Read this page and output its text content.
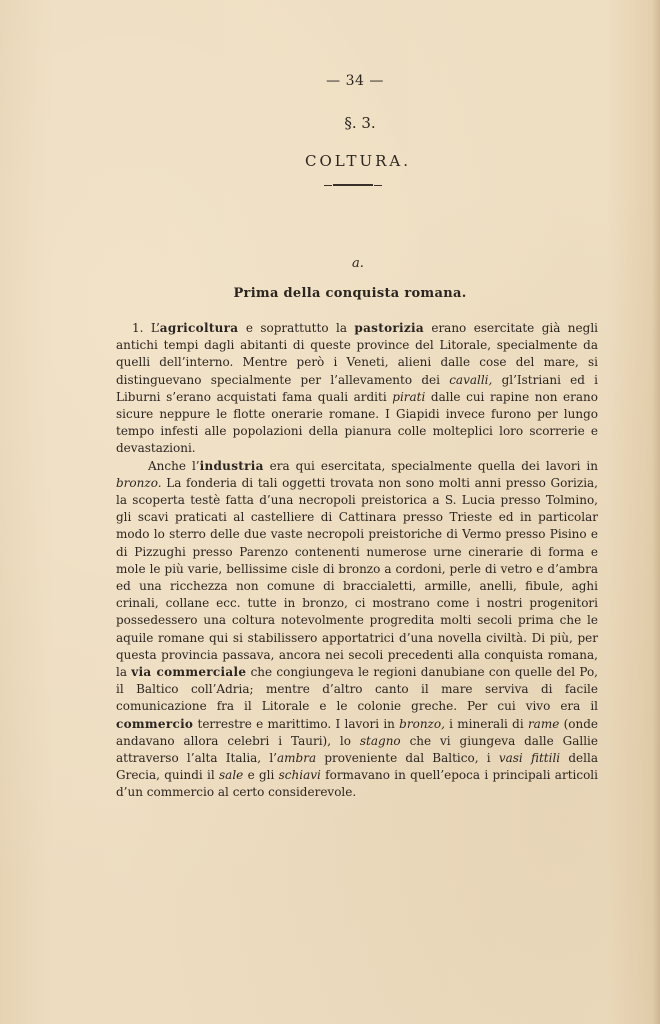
— 34 —
§. 3.
COLTURA.
a.
Prima della conquista romana.

1. L’agricoltura e soprattutto la pastorizia erano esercitate già negli antichi tempi dagli abitanti di queste province del Litorale, specialmente da quelli dell’interno. Mentre però i Veneti, alieni dalle cose del mare, si distinguevano specialmente per l’allevamento dei cavalli, gl’Istriani ed i Liburni s’erano acquistati fama quali arditi pirati dalle cui rapine non erano sicure neppure le flotte onerarie romane. I Giapidi invece furono per lungo tempo infesti alle popolazioni della pianura colle molteplici loro scorrerie e devastazioni.

Anche l’industria era qui esercitata, specialmente quella dei lavori in bronzo. La fonderia di tali oggetti trovata non sono molti anni presso Gorizia, la scoperta testè fatta d’una necropoli preistorica a S. Lucia presso Tolmino, gli scavi praticati al castelliere di Cattinara presso Trieste ed in particolar modo lo sterro delle due vaste necropoli preistoriche di Vermo presso Pisino e di Pizzughi presso Parenzo contenenti numerose urne cinerarie di forma e mole le più varie, bellissime cisle di bronzo a cordoni, perle di vetro e d’ambra ed una ricchezza non comune di braccialetti, armille, anelli, fibule, aghi crinali, collane ecc. tutte in bronzo, ci mostrano come i nostri progenitori possedessero una coltura notevolmente progredita molti secoli prima che le aquile romane qui si stabilissero apportatrici d’una novella civiltà. Di più, per questa provincia passava, ancora nei secoli precedenti alla conquista romana, la via commerciale che congiungeva le regioni danubiane con quelle del Po, il Baltico coll’Adria; mentre d’altro canto il mare serviva di facile comunicazione fra il Litorale e le colonie greche. Per cui vivo era il commercio terrestre e marittimo. I lavori in bronzo, i minerali di rame (onde andavano allora celebri i Tauri), lo stagno che vi giungeva dalle Gallie attraverso l’alta Italia, l’ambra proveniente dal Baltico, i vasi fittili della Grecia, quindi il sale e gli schiavi formavano in quell’epoca i principali articoli d’un commercio al certo considerevole.
